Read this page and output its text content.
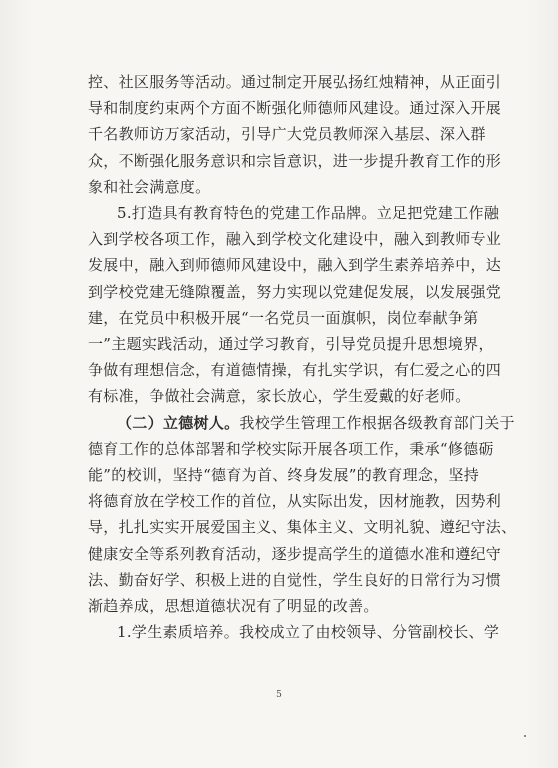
控、社区服务等活动。通过制定开展弘扬红烛精神，从正面引
导和制度约束两个方面不断强化师德师风建设。通过深入开展
千名教师访万家活动，引导广大党员教师深入基层、深入群
众，不断强化服务意识和宗旨意识，进一步提升教育工作的形
象和社会满意度。
5.打造具有教育特色的党建工作品牌。立足把党建工作融
入到学校各项工作，融入到学校文化建设中，融入到教师专业
发展中，融入到师德师风建设中，融入到学生素养培养中，达
到学校党建无缝隙覆盖，努力实现以党建促发展，以发展强党
建，在党员中积极开展“一名党员一面旗帜，岗位奉献争第
一”主题实践活动，通过学习教育，引导党员提升思想境界，
争做有理想信念，有道德情操，有扎实学识，有仁爱之心的四
有标准，争做社会满意，家长放心，学生爱戴的好老师。
（二）立德树人。我校学生管理工作根据各级教育部门关于
德育工作的总体部署和学校实际开展各项工作，秉承“修德砺
能”的校训，坚持“德育为首、终身发展”的教育理念，坚持
将德育放在学校工作的首位，从实际出发，因材施教，因势利
导，扎扎实实开展爱国主义、集体主义、文明礼貌、遵纪守法、
健康安全等系列教育活动，逐步提高学生的道德水准和遵纪守
5
法、勤奋好学、积极上进的自觉性，学生良好的日常行为习惯
渐趋养成，思想道德状况有了明显的改善。
1.学生素质培养。我校成立了由校领导、分管副校长、学
